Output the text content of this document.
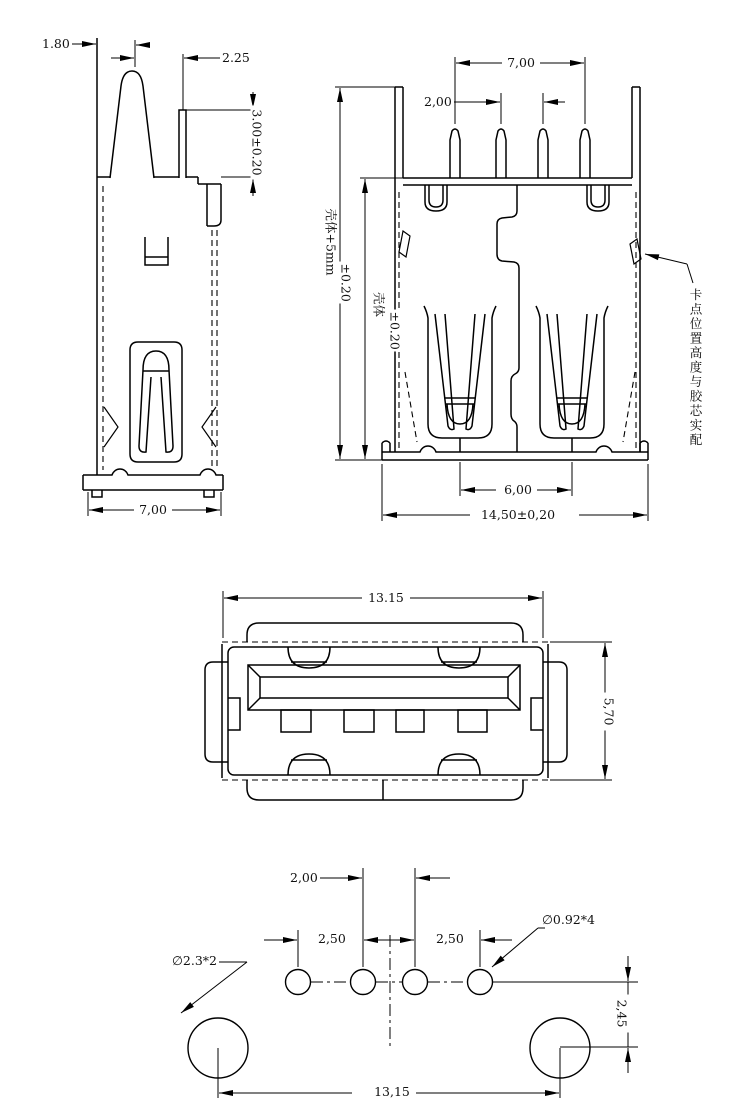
1.80
2.25
3.00±0.20
7,00
7,00
2,00
壳体+5mm
±0.20
壳体
±0.20
6,00
14,50±0,20
卡点位置高度与胶芯实配
13.15
5,70
2,00
2,50	2,50
∅0.92*4
∅2.3*2
2,45
13,15
